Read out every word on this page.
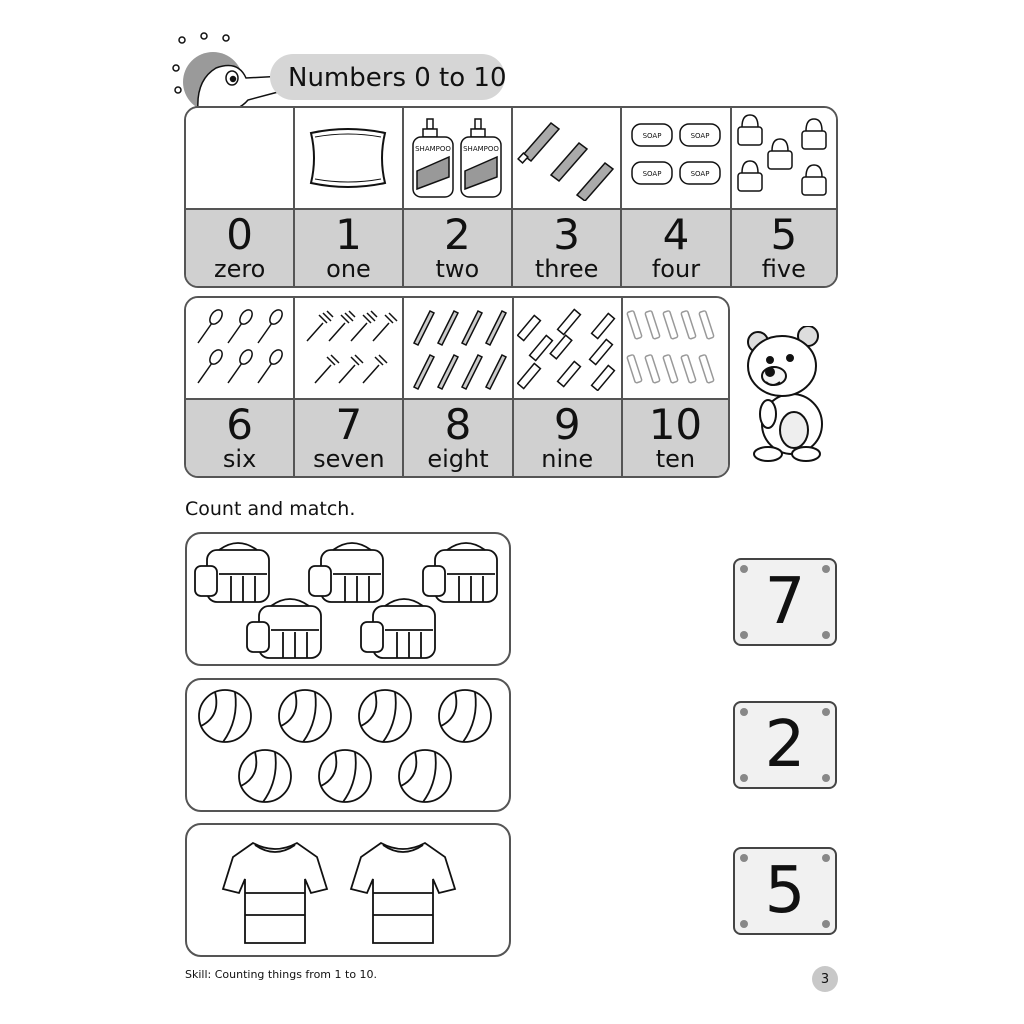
Numbers 0 to 10
0
zero
1
one
SHAMPOO SHAMPOO
2
two
3
three
SOAP	SOAP
SOAP	SOAP
4
four
5
five
6
six
7
seven
8
eight
9
nine
10
ten
Count and match.
7
2
5
Skill: Counting things from 1 to 10.	3
